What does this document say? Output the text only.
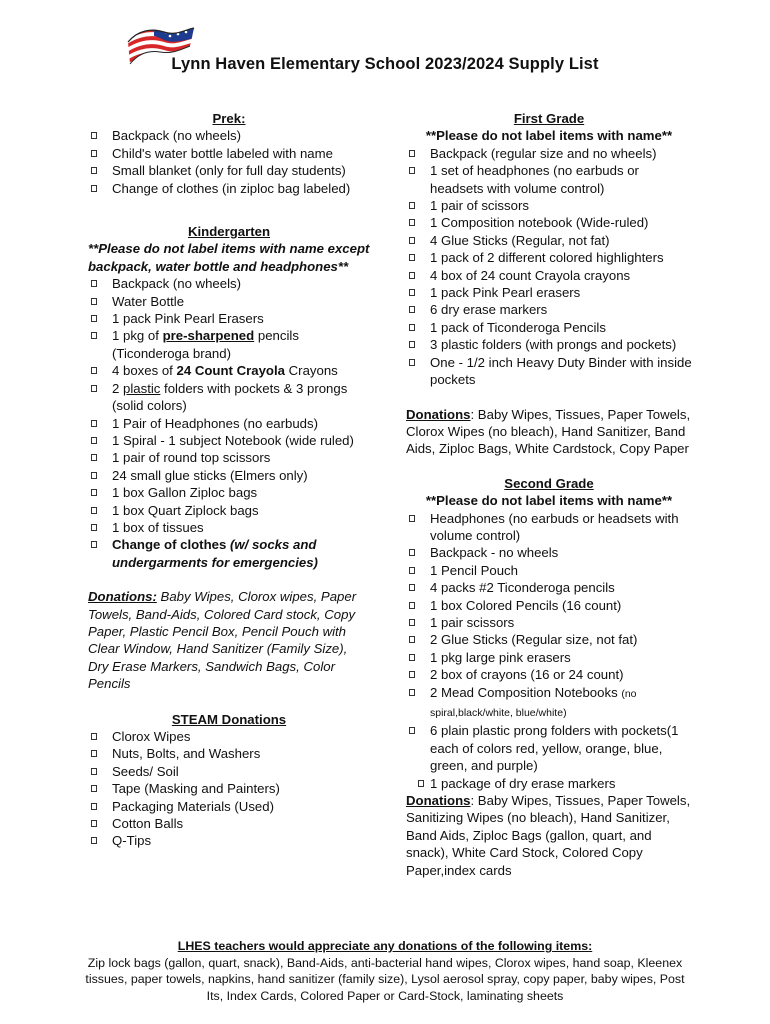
Lynn Haven Elementary School 2023/2024 Supply List
Prek:
Backpack (no wheels)
Child's water bottle labeled with name
Small blanket (only for full day students)
Change of clothes (in ziploc bag labeled)
Kindergarten
**Please do not label items with name except backpack, water bottle and headphones**
Backpack (no wheels)
Water Bottle
1 pack Pink Pearl Erasers
1 pkg of pre-sharpened pencils (Ticonderoga brand)
4 boxes of 24 Count Crayola Crayons
2 plastic folders with pockets & 3 prongs (solid colors)
1 Pair of Headphones (no earbuds)
1 Spiral - 1 subject Notebook (wide ruled)
1 pair of round top scissors
24 small glue sticks (Elmers only)
1 box Gallon Ziploc bags
1 box Quart Ziplock bags
1 box of tissues
Change of clothes (w/ socks and undergarments for emergencies)
Donations: Baby Wipes, Clorox wipes, Paper Towels, Band-Aids, Colored Card stock, Copy Paper, Plastic Pencil Box, Pencil Pouch with Clear Window, Hand Sanitizer (Family Size), Dry Erase Markers, Sandwich Bags, Color Pencils
STEAM Donations
Clorox Wipes
Nuts, Bolts, and Washers
Seeds/ Soil
Tape (Masking and Painters)
Packaging Materials (Used)
Cotton Balls
Q-Tips
First Grade
**Please do not label items with name**
Backpack (regular size and no wheels)
1 set of headphones (no earbuds or headsets with volume control)
1 pair of scissors
1 Composition notebook (Wide-ruled)
4 Glue Sticks (Regular, not fat)
1 pack of 2 different colored highlighters
4 box of 24 count Crayola crayons
1 pack Pink Pearl erasers
6 dry erase markers
1 pack of Ticonderoga Pencils
3 plastic folders (with prongs and pockets)
One - 1/2 inch Heavy Duty Binder with inside pockets
Donations: Baby Wipes, Tissues, Paper Towels, Clorox Wipes (no bleach), Hand Sanitizer, Band Aids, Ziploc Bags, White Cardstock, Copy Paper
Second Grade
**Please do not label items with name**
Headphones (no earbuds or headsets with volume control)
Backpack - no wheels
1 Pencil Pouch
4 packs #2 Ticonderoga pencils
1 box Colored Pencils (16 count)
1 pair scissors
2 Glue Sticks (Regular size, not fat)
1 pkg large pink erasers
2 box of crayons (16 or 24 count)
2 Mead Composition Notebooks (no spiral,black/white, blue/white)
6 plain plastic prong folders with pockets(1 each of colors red, yellow, orange, blue, green, and purple)
1 package of dry erase markers
Donations: Baby Wipes, Tissues, Paper Towels, Sanitizing Wipes (no bleach), Hand Sanitizer, Band Aids, Ziploc Bags (gallon, quart, and snack), White Card Stock, Colored Copy Paper,index cards
LHES teachers would appreciate any donations of the following items:
Zip lock bags (gallon, quart, snack), Band-Aids, anti-bacterial hand wipes, Clorox wipes, hand soap, Kleenex tissues, paper towels, napkins, hand sanitizer (family size), Lysol aerosol spray, copy paper, baby wipes, Post Its, Index Cards, Colored Paper or Card-Stock, laminating sheets
